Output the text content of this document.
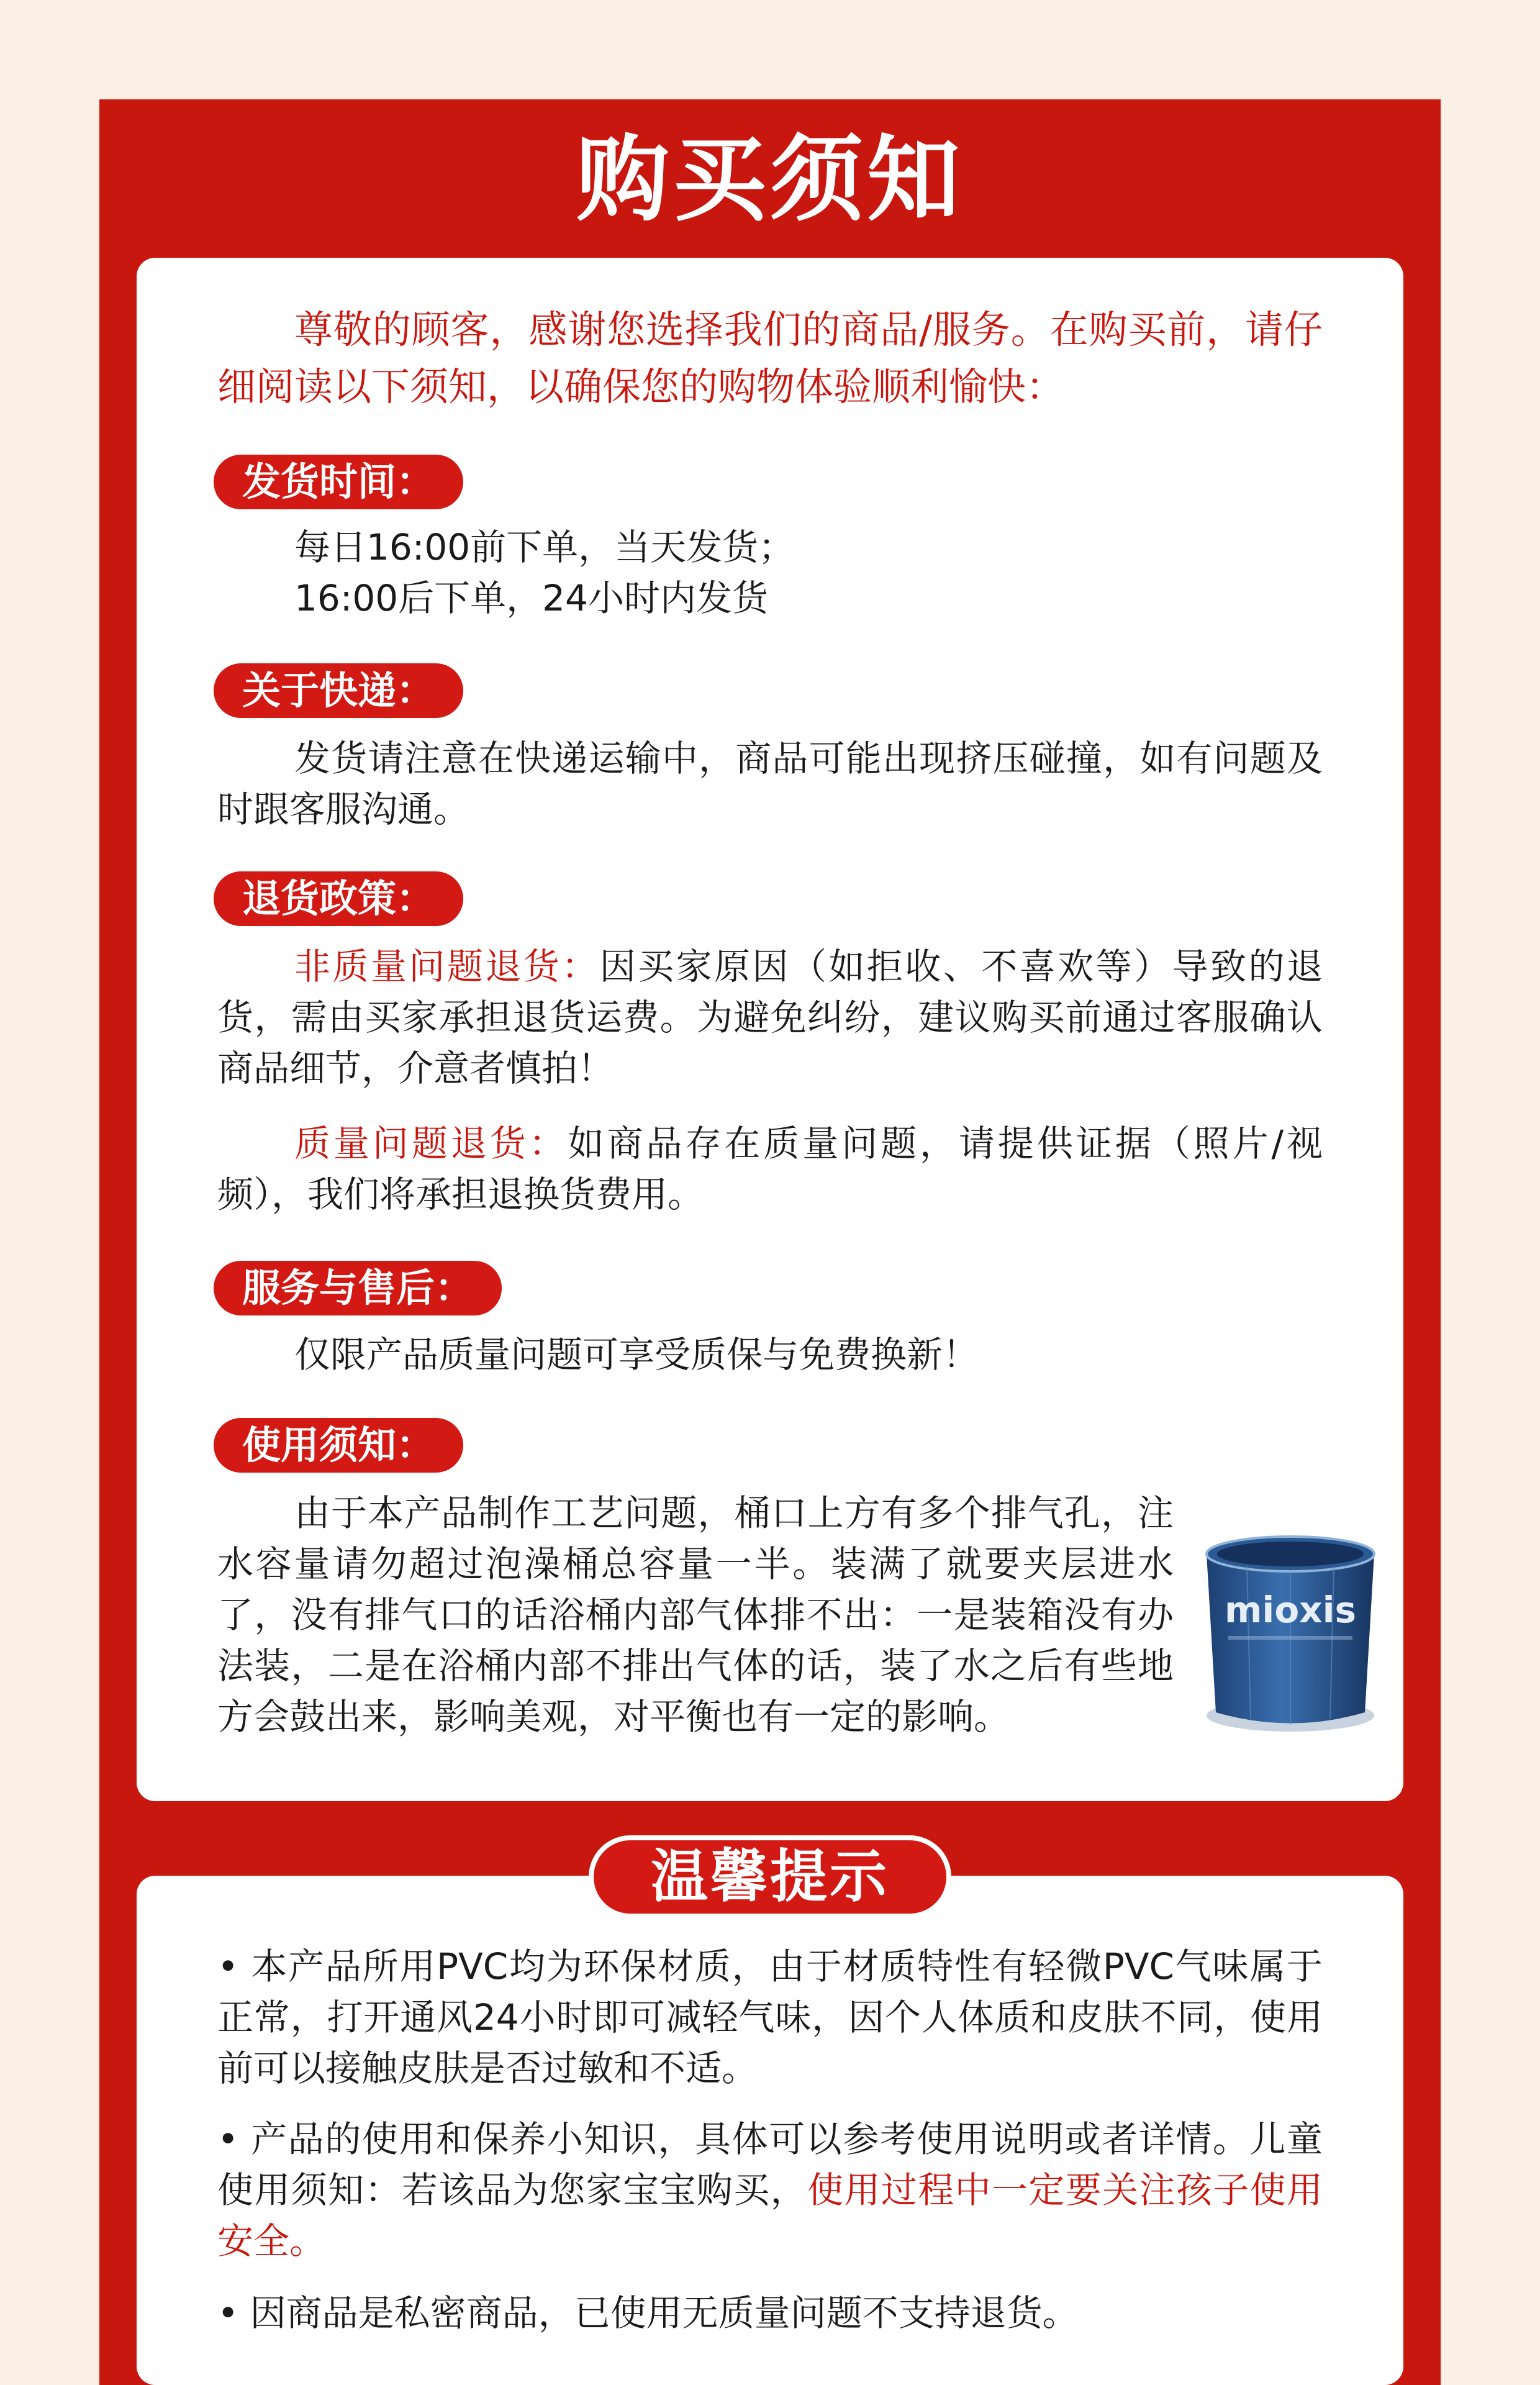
购买须知
尊敬的顾客，感谢您选择我们的商品/服务。在购买前，请仔细阅读以下须知，以确保您的购物体验顺利愉快：
发货时间：
每日16:00前下单，当天发货；
16:00后下单，24小时内发货
关于快递：
发货请注意在快递运输中，商品可能出现挤压碰撞，如有问题及时跟客服沟通。
退货政策：
非质量问题退货：因买家原因（如拒收、不喜欢等）导致的退货，需由买家承担退货运费。为避免纠纷，建议购买前通过客服确认商品细节，介意者慎拍！
质量问题退货：如商品存在质量问题，请提供证据（照片/视频），我们将承担退换货费用。
服务与售后：
仅限产品质量问题可享受质保与免费换新！
使用须知：
由于本产品制作工艺问题，桶口上方有多个排气孔，注水容量请勿超过泡澡桶总容量一半。装满了就要夹层进水了，没有排气口的话浴桶内部气体排不出：一是装箱没有办法装，二是在浴桶内部不排出气体的话，装了水之后有些地方会鼓出来，影响美观，对平衡也有一定的影响。
mioxis
温馨提示
• 本产品所用PVC均为环保材质，由于材质特性有轻微PVC气味属于正常，打开通风24小时即可减轻气味，因个人体质和皮肤不同，使用前可以接触皮肤是否过敏和不适。
• 产品的使用和保养小知识，具体可以参考使用说明或者详情。儿童使用须知：若该品为您家宝宝购买，使用过程中一定要关注孩子使用安全。
• 因商品是私密商品，已使用无质量问题不支持退货。
